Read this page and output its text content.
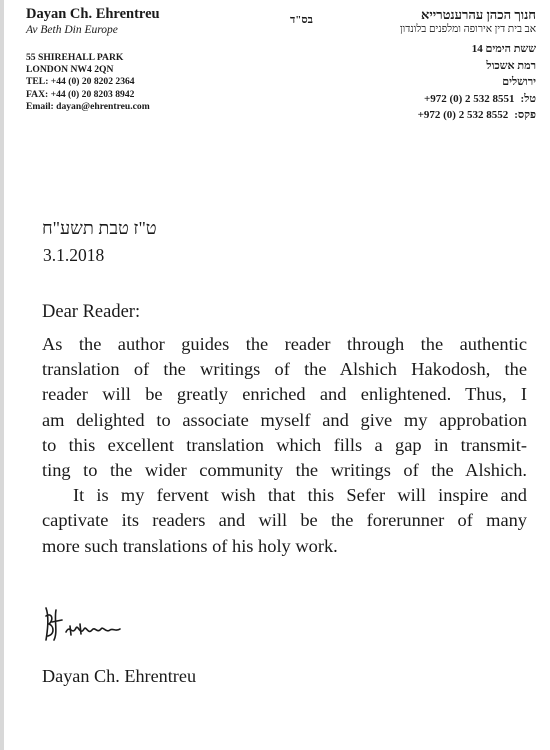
Dayan Ch. Ehrentreu
Av Beth Din Europe
55 SHIREHALL PARK
LONDON NW4 2QN
TEL: +44 (0) 20 8202 2364
FAX: +44 (0) 20 8203 8942
Email: dayan@ehrentreu.com
בס"ד	חנוך הכהן עהרענטרייא
אב בית דין אירופה ומלפנים בלונדון
ששת הימים 14
רמת אשכול
ירושלים
טל:
+972 (0) 2 532 8551
פקס:
+972 (0) 2 532 8552
ט"ז טבת תשע"ח
3.1.2018
Dear Reader:
As the author guides the reader through the authentic
translation of the writings of the Alshich Hakodosh, the
reader will be greatly enriched and enlightened. Thus, I
am delighted to associate myself and give my approbation
to this excellent translation which fills a gap in transmit-
ting to the wider community the writings of the Alshich.
It is my fervent wish that this Sefer will inspire and
captivate its readers and will be the forerunner of many
more such translations of his holy work.
Dayan Ch. Ehrentreu
